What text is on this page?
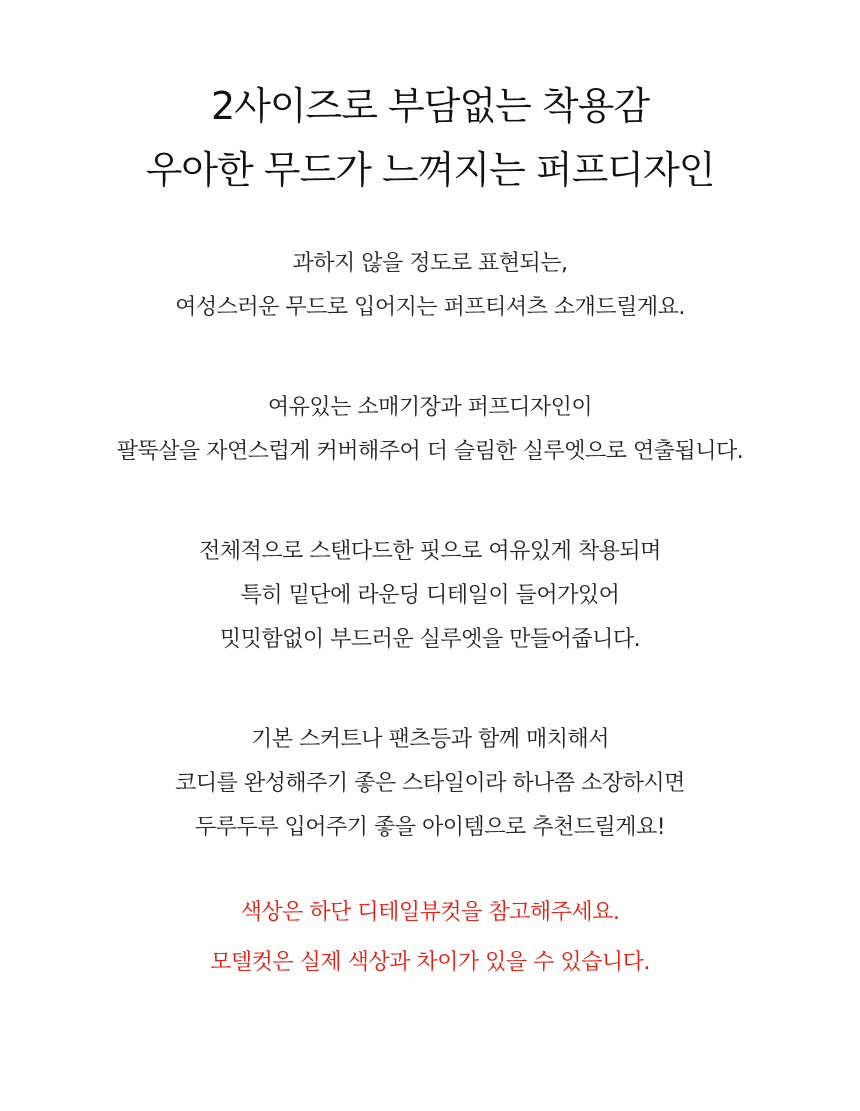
2사이즈로 부담없는 착용감
우아한 무드가 느껴지는 퍼프디자인

과하지 않을 정도로 표현되는,
여성스러운 무드로 입어지는 퍼프티셔츠 소개드릴게요.

여유있는 소매기장과 퍼프디자인이
팔뚝살을 자연스럽게 커버해주어 더 슬림한 실루엣으로 연출됩니다.

전체적으로 스탠다드한 핏으로 여유있게 착용되며
특히 밑단에 라운딩 디테일이 들어가있어
밋밋함없이 부드러운 실루엣을 만들어줍니다.

기본 스커트나 팬츠등과 함께 매치해서
코디를 완성해주기 좋은 스타일이라 하나쯤 소장하시면
두루두루 입어주기 좋을 아이템으로 추천드릴게요!

색상은 하단 디테일뷰컷을 참고해주세요.
모델컷은 실제 색상과 차이가 있을 수 있습니다.
